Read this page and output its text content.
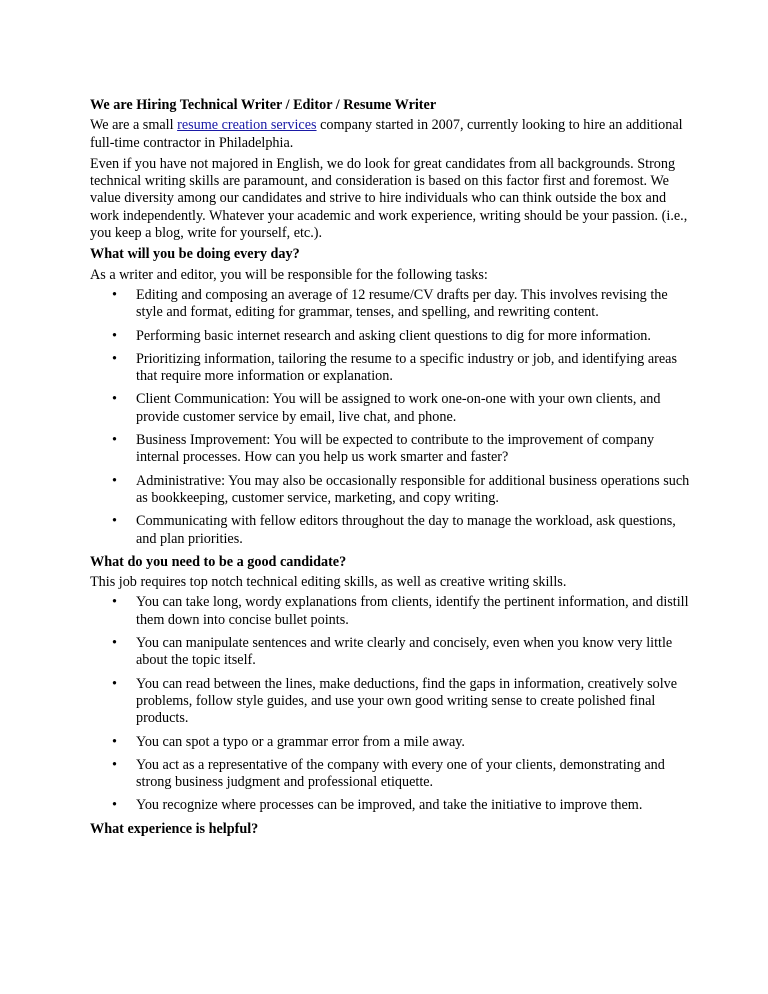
We are Hiring Technical Writer / Editor / Resume Writer
We are a small resume creation services company started in 2007, currently looking to hire an additional full-time contractor in Philadelphia.
Even if you have not majored in English, we do look for great candidates from all backgrounds. Strong technical writing skills are paramount, and consideration is based on this factor first and foremost. We value diversity among our candidates and strive to hire individuals who can think outside the box and work independently. Whatever your academic and work experience, writing should be your passion. (i.e., you keep a blog, write for yourself, etc.).
What will you be doing every day?
As a writer and editor, you will be responsible for the following tasks:
• Editing and composing an average of 12 resume/CV drafts per day. This involves revising the style and format, editing for grammar, tenses, and spelling, and rewriting content.
• Performing basic internet research and asking client questions to dig for more information.
• Prioritizing information, tailoring the resume to a specific industry or job, and identifying areas that require more information or explanation.
• Client Communication: You will be assigned to work one-on-one with your own clients, and provide customer service by email, live chat, and phone.
• Business Improvement: You will be expected to contribute to the improvement of company internal processes. How can you help us work smarter and faster?
• Administrative: You may also be occasionally responsible for additional business operations such as bookkeeping, customer service, marketing, and copy writing.
• Communicating with fellow editors throughout the day to manage the workload, ask questions, and plan priorities.
What do you need to be a good candidate?
This job requires top notch technical editing skills, as well as creative writing skills.
• You can take long, wordy explanations from clients, identify the pertinent information, and distill them down into concise bullet points.
• You can manipulate sentences and write clearly and concisely, even when you know very little about the topic itself.
• You can read between the lines, make deductions, find the gaps in information, creatively solve problems, follow style guides, and use your own good writing sense to create polished final products.
• You can spot a typo or a grammar error from a mile away.
• You act as a representative of the company with every one of your clients, demonstrating and strong business judgment and professional etiquette.
• You recognize where processes can be improved, and take the initiative to improve them.
What experience is helpful?
